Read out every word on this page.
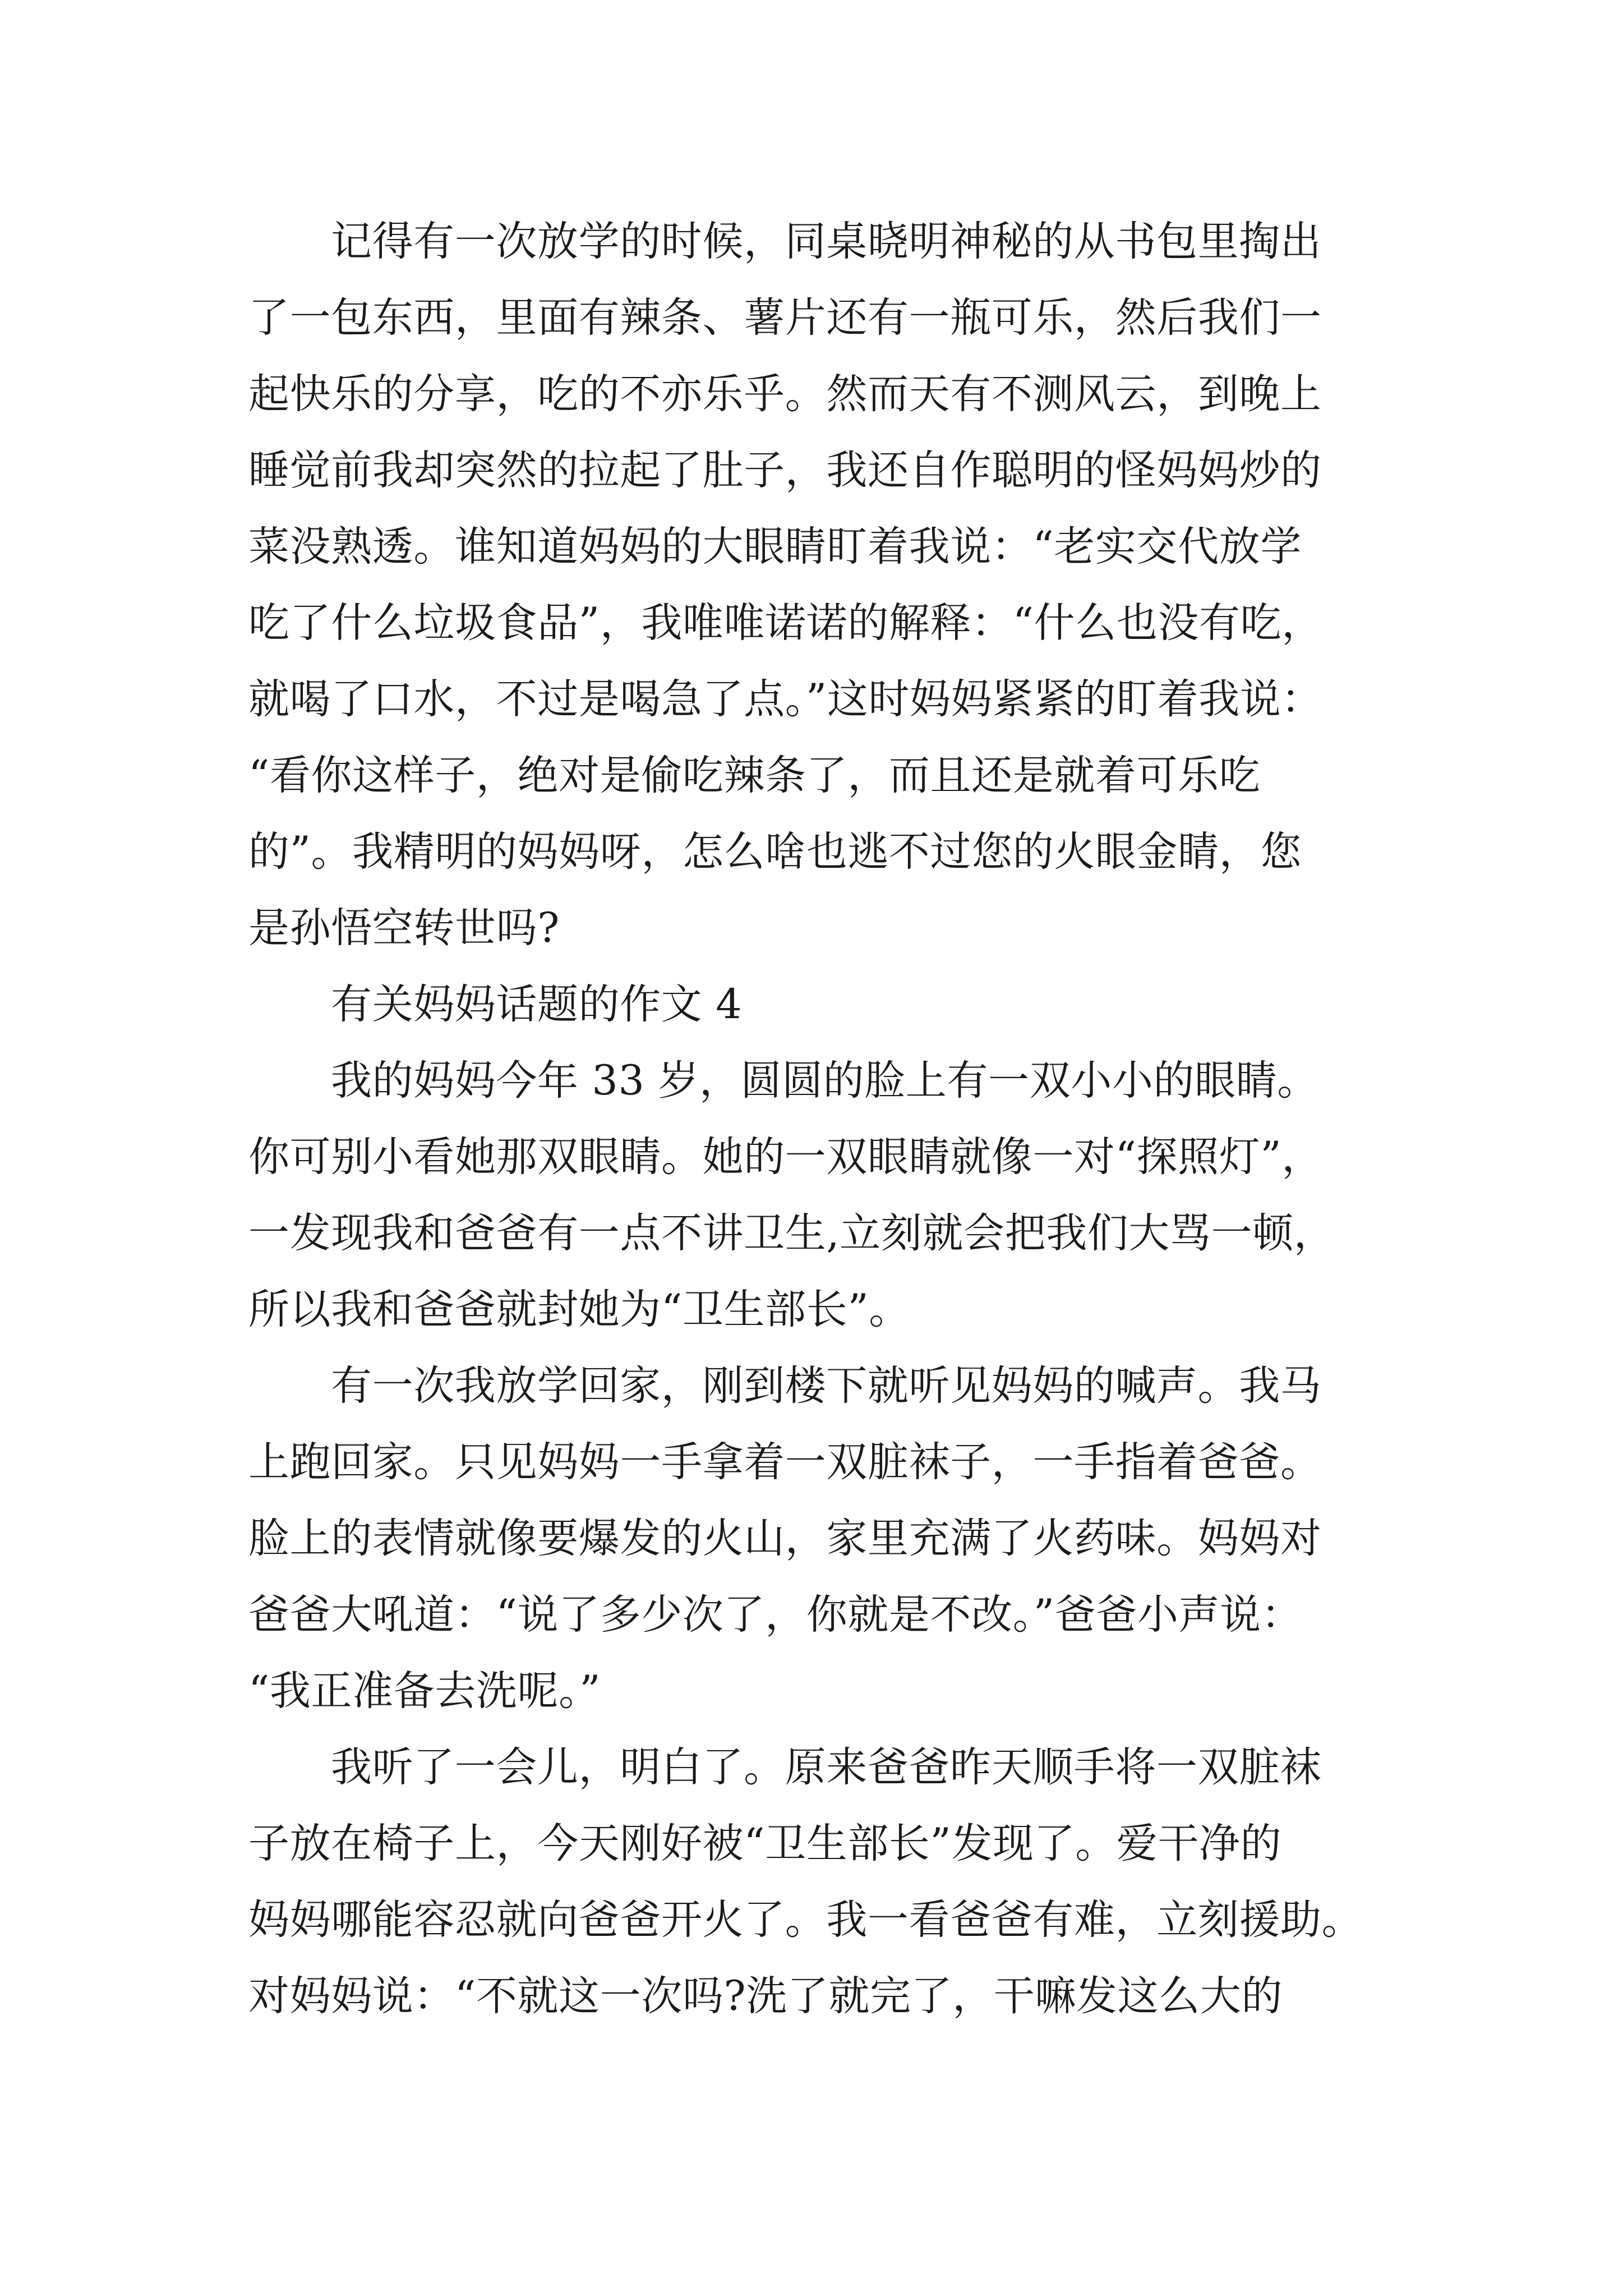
记得有一次放学的时候，同桌晓明神秘的从书包里掏出
了一包东西，里面有辣条、薯片还有一瓶可乐，然后我们一
起快乐的分享，吃的不亦乐乎。然而天有不测风云，到晚上
睡觉前我却突然的拉起了肚子，我还自作聪明的怪妈妈炒的
菜没熟透。谁知道妈妈的大眼睛盯着我说：“老实交代放学
吃了什么垃圾食品”，我唯唯诺诺的解释：“什么也没有吃，
就喝了口水，不过是喝急了点。”这时妈妈紧紧的盯着我说：
“看你这样子，绝对是偷吃辣条了，而且还是就着可乐吃
的”。我精明的妈妈呀，怎么啥也逃不过您的火眼金睛，您
是孙悟空转世吗?
有关妈妈话题的作文 4
我的妈妈今年 33 岁，圆圆的脸上有一双小小的眼睛。
你可别小看她那双眼睛。她的一双眼睛就像一对“探照灯”，
一发现我和爸爸有一点不讲卫生,立刻就会把我们大骂一顿，
所以我和爸爸就封她为“卫生部长”。
有一次我放学回家，刚到楼下就听见妈妈的喊声。我马
上跑回家。只见妈妈一手拿着一双脏袜子，一手指着爸爸。
脸上的表情就像要爆发的火山，家里充满了火药味。妈妈对
爸爸大吼道：“说了多少次了，你就是不改。”爸爸小声说：
“我正准备去洗呢。”
我听了一会儿，明白了。原来爸爸昨天顺手将一双脏袜
子放在椅子上，今天刚好被“卫生部长”发现了。爱干净的
妈妈哪能容忍就向爸爸开火了。我一看爸爸有难，立刻援助。
对妈妈说：“不就这一次吗?洗了就完了，干嘛发这么大的
